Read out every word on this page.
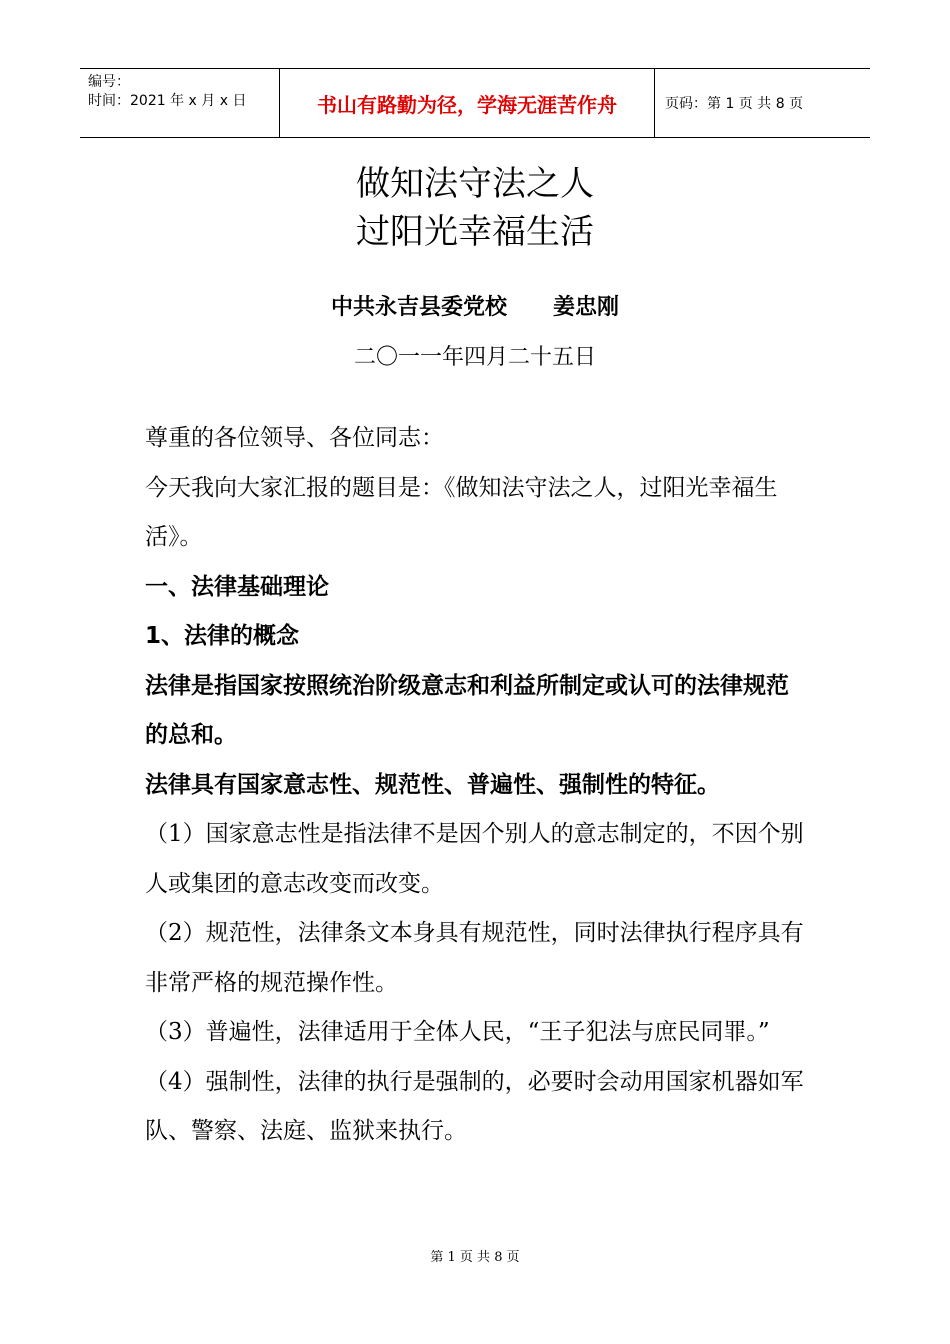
编号：
时间：2021 年 x 月 x 日	书山有路勤为径，学海无涯苦作舟	页码：第 1 页 共 8 页
做知法守法之人
过阳光幸福生活
中共永吉县委党校      姜忠刚
二〇一一年四月二十五日

尊重的各位领导、各位同志：

今天我向大家汇报的题目是：《做知法守法之人，过阳光幸福生活》。

一、法律基础理论

1、法律的概念

法律是指国家按照统治阶级意志和利益所制定或认可的法律规范的总和。

法律具有国家意志性、规范性、普遍性、强制性的特征。

（1）国家意志性是指法律不是因个别人的意志制定的，不因个别人或集团的意志改变而改变。

（2）规范性，法律条文本身具有规范性，同时法律执行程序具有非常严格的规范操作性。

（3）普遍性，法律适用于全体人民，“王子犯法与庶民同罪。”

（4）强制性，法律的执行是强制的，必要时会动用国家机器如军队、警察、法庭、监狱来执行。

第 1 页 共 8 页
